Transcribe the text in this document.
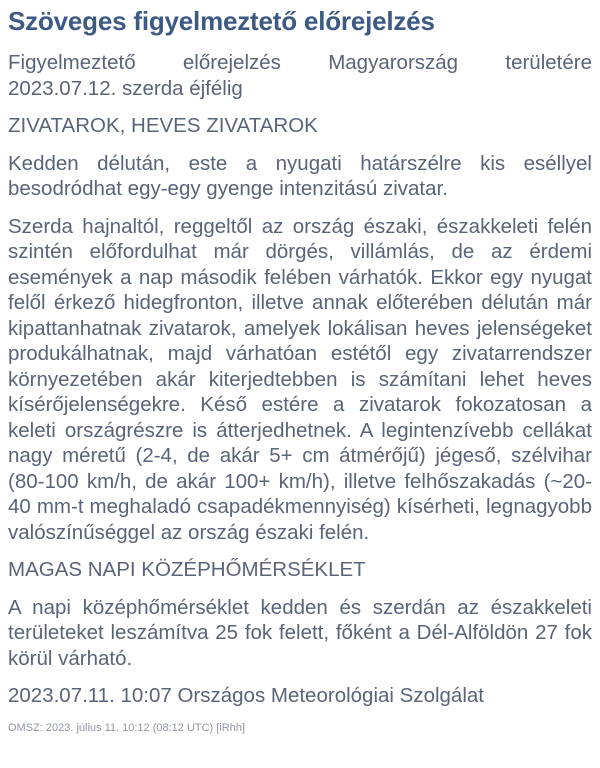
Szöveges figyelmeztető előrejelzés

Figyelmeztető előrejelzés Magyarország területére2023.07.12. szerda éjfélig

ZIVATAROK, HEVES ZIVATAROK

Kedden délután, este a nyugati határszélre kis eséllyel besodródhat egy-egy gyenge intenzitású zivatar.

Szerda hajnaltól, reggeltől az ország északi, északkeleti felén szintén előfordulhat már dörgés, villámlás, de az érdemi események a nap második felében várhatók. Ekkor egy nyugat felől érkező hidegfronton, illetve annak előterében délután már kipattanhatnak zivatarok, amelyek lokálisan heves jelenségeket produkálhatnak, majd várhatóan estétől egy zivatarrendszer környezetében akár kiterjedtebben is számítani lehet heves kísérőjelenségekre. Késő estére a zivatarok fokozatosan a keleti országrészre is átterjedhetnek. A legintenzívebb cellákat nagy méretű (2-4, de akár 5+ cm átmérőjű) jégeső, szélvihar (80-100 km/h, de akár 100+ km/h), illetve felhőszakadás (~20-40 mm-t meghaladó csapadékmennyiség) kísérheti, legnagyobb valószínűséggel az ország északi felén.

MAGAS NAPI KÖZÉPHŐMÉRSÉKLET

A napi középhőmérséklet kedden és szerdán az északkeleti területeket leszámítva 25 fok felett, főként a Dél-Alföldön 27 fok körül várható.

2023.07.11. 10:07 Országos Meteorológiai Szolgálat

OMSZ: 2023. július 11. 10:12 (08:12 UTC) [iRhh]
